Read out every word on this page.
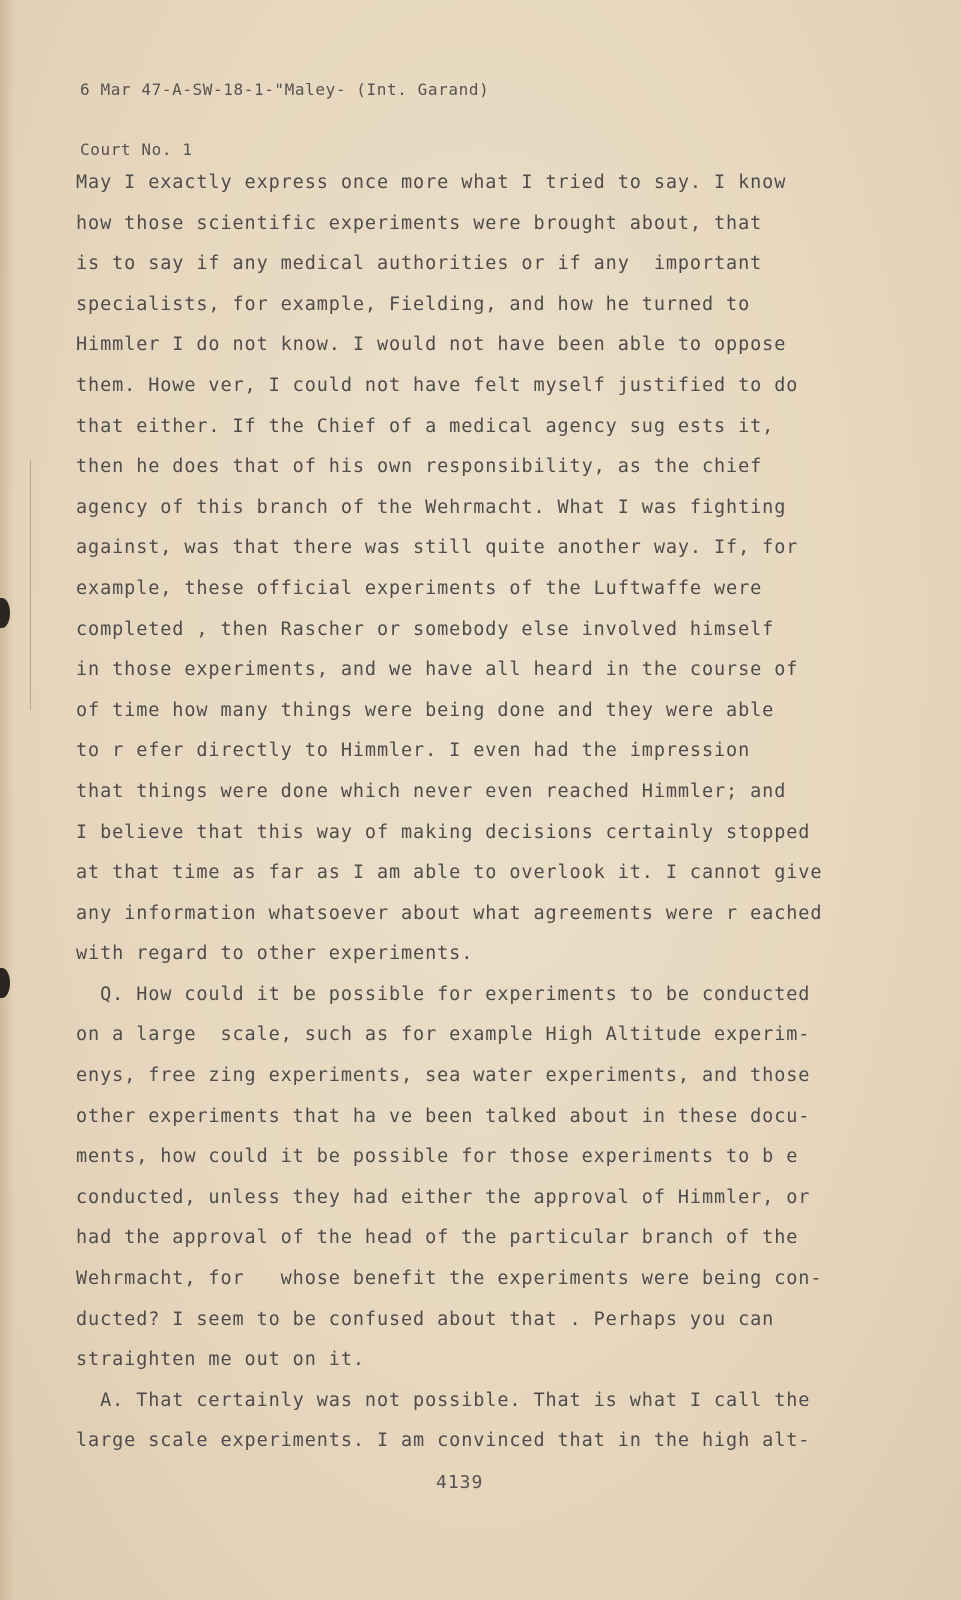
6 Mar 47-A-SW-18-1-"Maley- (Int. Garand)

Court No. 1

May I exactly express once more what I tried to say. I know
how those scientific experiments were brought about, that
is to say if any medical authorities or if any  important
specialists, for example, Fielding, and how he turned to
Himmler I do not know. I would not have been able to oppose
them. Howe ver, I could not have felt myself justified to do
that either. If the Chief of a medical agency sug ests it,
then he does that of his own responsibility, as the chief
agency of this branch of the Wehrmacht. What I was fighting
against, was that there was still quite another way. If, for
example, these official experiments of the Luftwaffe were
completed , then Rascher or somebody else involved himself
in those experiments, and we have all heard in the course of
of time how many things were being done and they were able
to r efer directly to Himmler. I even had the impression
that things were done which never even reached Himmler; and
I believe that this way of making decisions certainly stopped
at that time as far as I am able to overlook it. I cannot give
any information whatsoever about what agreements were r eached
with regard to other experiments.
Q. How could it be possible for experiments to be conducted
on a large  scale, such as for example High Altitude experim-
enys, free zing experiments, sea water experiments, and those
other experiments that ha ve been talked about in these docu-
ments, how could it be possible for those experiments to b e
conducted, unless they had either the approval of Himmler, or
had the approval of the head of the particular branch of the
Wehrmacht, for   whose benefit the experiments were being con-
ducted? I seem to be confused about that . Perhaps you can
straighten me out on it.
A. That certainly was not possible. That is what I call the
large scale experiments. I am convinced that in the high alt-
4139
